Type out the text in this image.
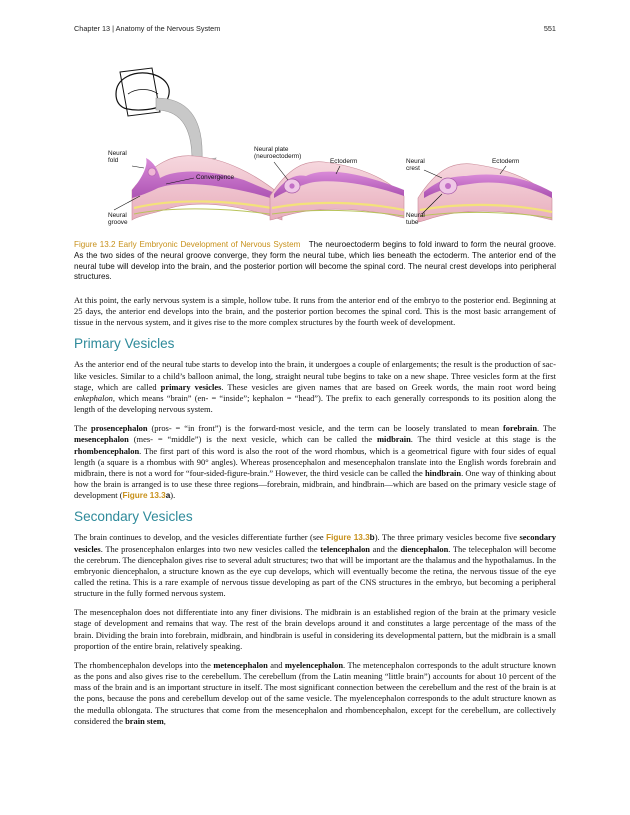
Chapter 13 | Anatomy of the Nervous System	551
Neural
fold
Convergence
Neural
groove
Neural plate
(neuroectoderm)
Ectoderm	Neural
crest
Ectoderm
Neural
tube
Figure 13.2 Early Embryonic Development of Nervous System The neuroectoderm begins to fold inward to form the neural groove. As the two sides of the neural groove converge, they form the neural tube, which lies beneath the ectoderm. The anterior end of the neural tube will develop into the brain, and the posterior portion will become the spinal cord. The neural crest develops into peripheral structures.

At this point, the early nervous system is a simple, hollow tube. It runs from the anterior end of the embryo to the posterior end. Beginning at 25 days, the anterior end develops into the brain, and the posterior portion becomes the spinal cord. This is the most basic arrangement of tissue in the nervous system, and it gives rise to the more complex structures by the fourth week of development.

Primary Vesicles

As the anterior end of the neural tube starts to develop into the brain, it undergoes a couple of enlargements; the result is the production of sac-like vesicles. Similar to a child’s balloon animal, the long, straight neural tube begins to take on a new shape. Three vesicles form at the first stage, which are called primary vesicles. These vesicles are given names that are based on Greek words, the main root word being enkephalon, which means “brain” (en- = “inside”; kephalon = “head”). The prefix to each generally corresponds to its position along the length of the developing nervous system.

The prosencephalon (pros- = “in front”) is the forward-most vesicle, and the term can be loosely translated to mean forebrain. The mesencephalon (mes- = “middle”) is the next vesicle, which can be called the midbrain. The third vesicle at this stage is the rhombencephalon. The first part of this word is also the root of the word rhombus, which is a geometrical figure with four sides of equal length (a square is a rhombus with 90° angles). Whereas prosencephalon and mesencephalon translate into the English words forebrain and midbrain, there is not a word for “four-sided-figure-brain.” However, the third vesicle can be called the hindbrain. One way of thinking about how the brain is arranged is to use these three regions—forebrain, midbrain, and hindbrain—which are based on the primary vesicle stage of development (Figure 13.3a).

Secondary Vesicles

The brain continues to develop, and the vesicles differentiate further (see Figure 13.3b). The three primary vesicles become five secondary vesicles. The prosencephalon enlarges into two new vesicles called the telencephalon and the diencephalon. The telecephalon will become the cerebrum. The diencephalon gives rise to several adult structures; two that will be important are the thalamus and the hypothalamus. In the embryonic diencephalon, a structure known as the eye cup develops, which will eventually become the retina, the nervous tissue of the eye called the retina. This is a rare example of nervous tissue developing as part of the CNS structures in the embryo, but becoming a peripheral structure in the fully formed nervous system.

The mesencephalon does not differentiate into any finer divisions. The midbrain is an established region of the brain at the primary vesicle stage of development and remains that way. The rest of the brain develops around it and constitutes a large percentage of the mass of the brain. Dividing the brain into forebrain, midbrain, and hindbrain is useful in considering its developmental pattern, but the midbrain is a small proportion of the entire brain, relatively speaking.

The rhombencephalon develops into the metencephalon and myelencephalon. The metencephalon corresponds to the adult structure known as the pons and also gives rise to the cerebellum. The cerebellum (from the Latin meaning “little brain”) accounts for about 10 percent of the mass of the brain and is an important structure in itself. The most significant connection between the cerebellum and the rest of the brain is at the pons, because the pons and cerebellum develop out of the same vesicle. The myelencephalon corresponds to the adult structure known as the medulla oblongata. The structures that come from the mesencephalon and rhombencephalon, except for the cerebellum, are collectively considered the brain stem,
